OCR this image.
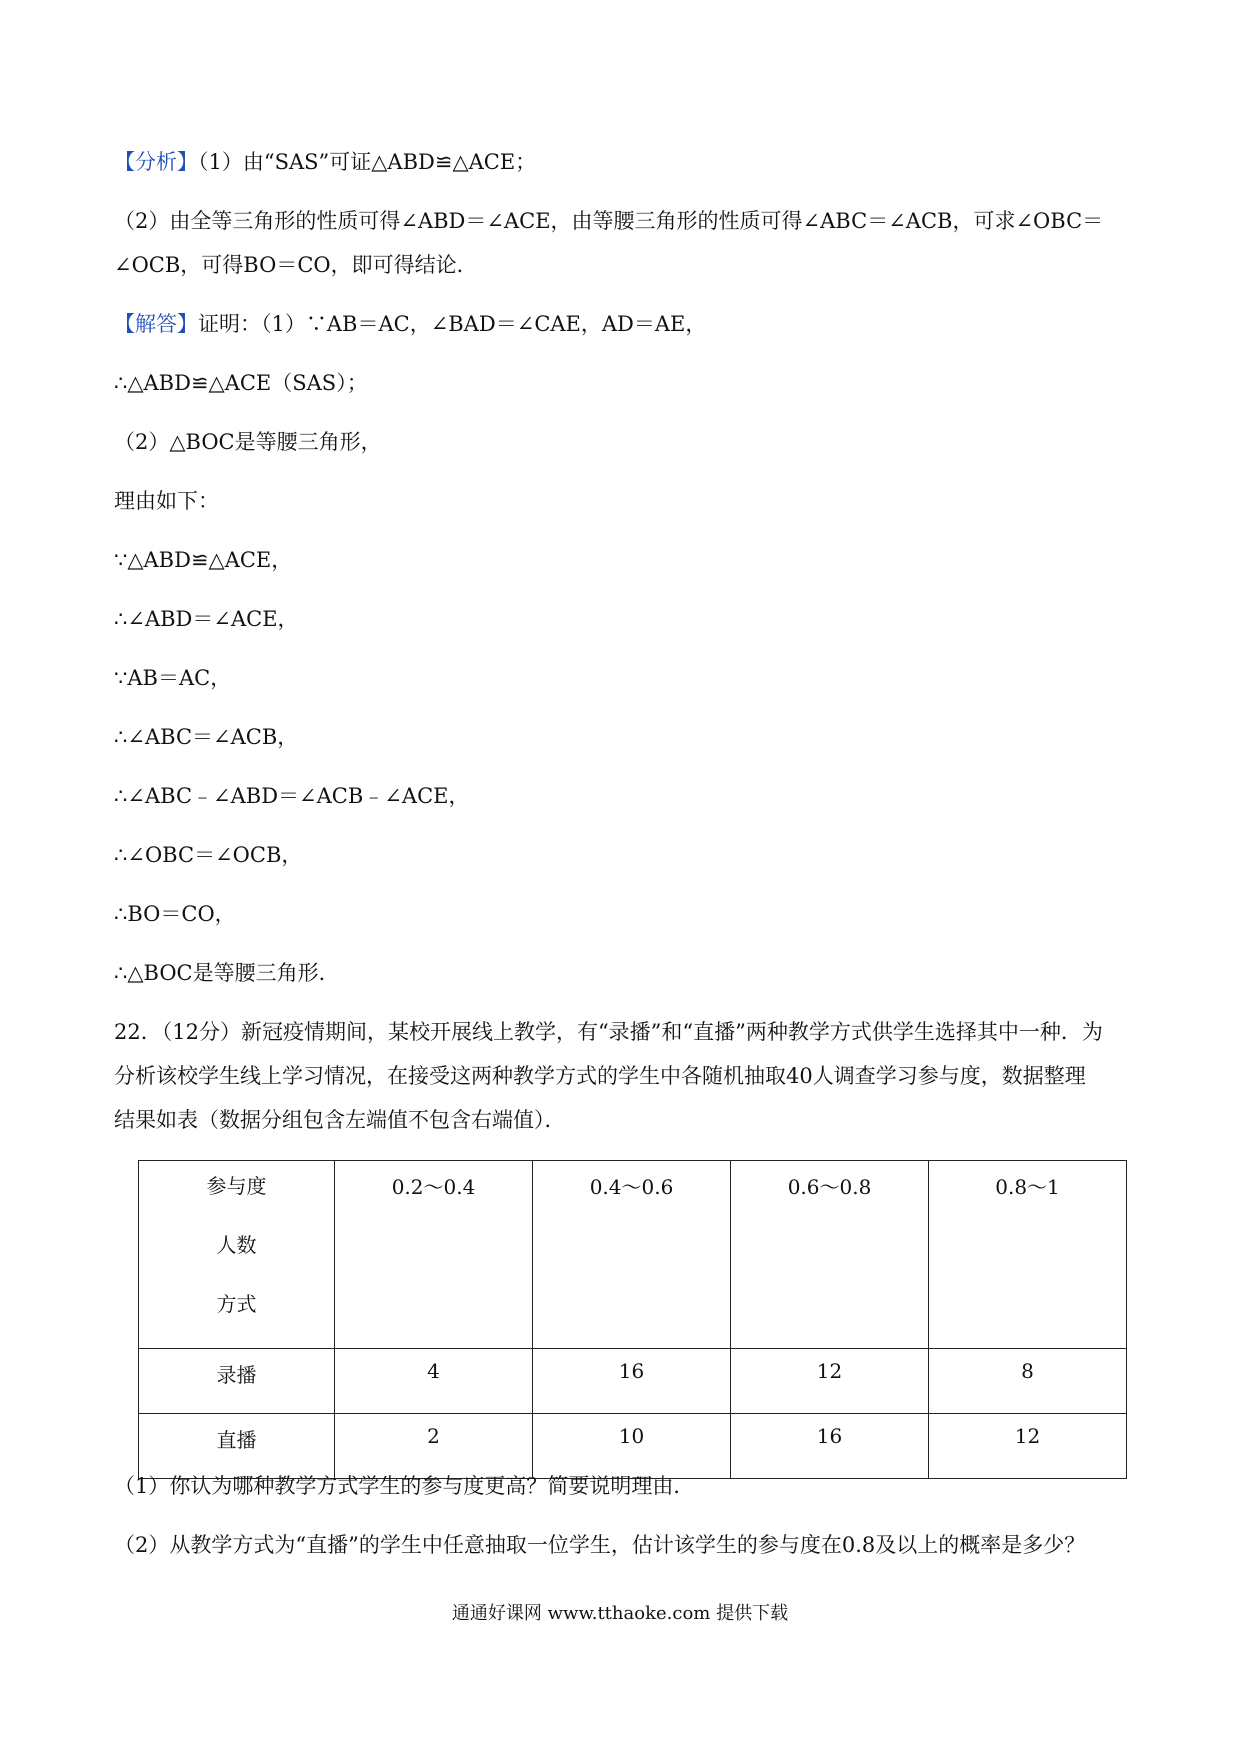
【分析】（1）由“SAS”可证△ABD≌△ACE；
（2）由全等三角形的性质可得∠ABD＝∠ACE，由等腰三角形的性质可得∠ABC＝∠ACB，可求∠OBC＝
∠OCB，可得BO＝CO，即可得结论．
【解答】证明：（1）∵AB＝AC，∠BAD＝∠CAE，AD＝AE，
∴△ABD≌△ACE（SAS）；
（2）△BOC是等腰三角形，
理由如下：
∵△ABD≌△ACE，
∴∠ABD＝∠ACE，
∵AB＝AC，
∴∠ABC＝∠ACB，
∴∠ABC﹣∠ABD＝∠ACB﹣∠ACE，
∴∠OBC＝∠OCB，
∴BO＝CO，
∴△BOC是等腰三角形．
22．（12分）新冠疫情期间，某校开展线上教学，有“录播”和“直播”两种教学方式供学生选择其中一种．为
分析该校学生线上学习情况，在接受这两种教学方式的学生中各随机抽取40人调查学习参与度，数据整理
结果如表（数据分组包含左端值不包含右端值）．
参与度
人数
方式	0.2～0.4	0.4～0.6	0.6～0.8	0.8～1
录播	4	16	12	8
直播	2	10	16	12
（1）你认为哪种教学方式学生的参与度更高？简要说明理由．
（2）从教学方式为“直播”的学生中任意抽取一位学生，估计该学生的参与度在0.8及以上的概率是多少？
通通好课网 www.tthaoke.com 提供下载
